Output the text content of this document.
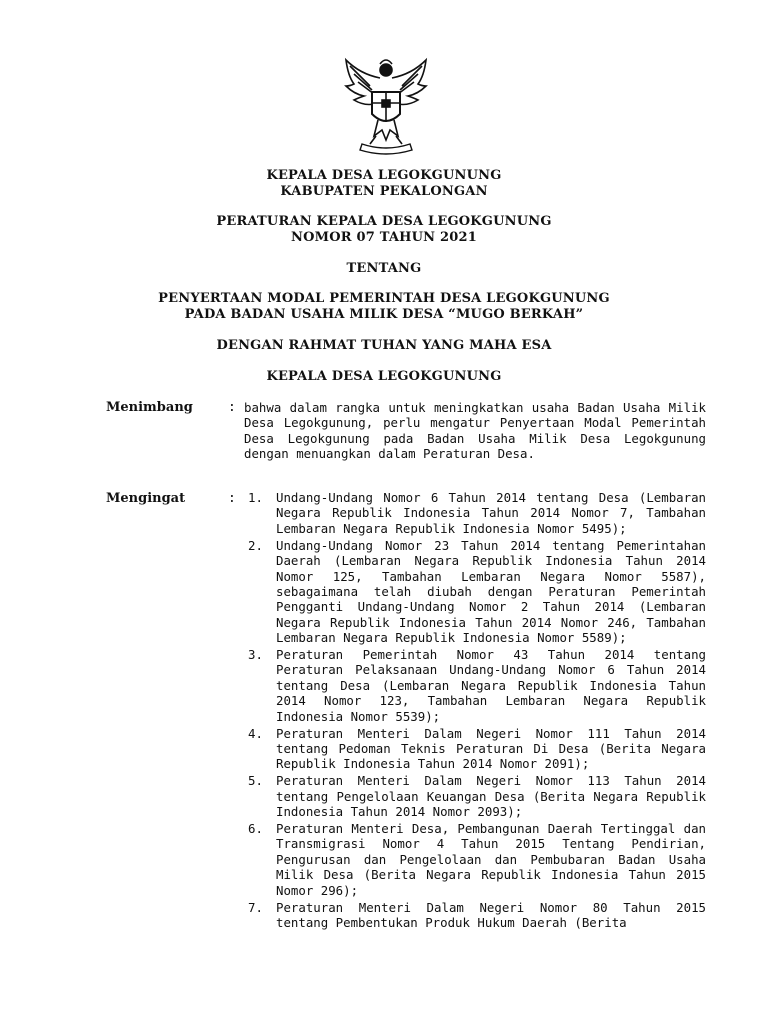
KEPALA DESA LEGOKGUNUNG
KABUPATEN PEKALONGAN
PERATURAN KEPALA DESA LEGOKGUNUNG
NOMOR 07 TAHUN 2021
TENTANG
PENYERTAAN MODAL PEMERINTAH DESA LEGOKGUNUNG
PADA BADAN USAHA MILIK DESA “MUGO BERKAH”
DENGAN RAHMAT TUHAN YANG MAHA ESA
KEPALA DESA LEGOKGUNUNG
Menimbang	: bahwa dalam rangka untuk meningkatkan usaha Badan Usaha Milik Desa Legokgunung, perlu mengatur Penyertaan Modal Pemerintah Desa Legokgunung pada Badan Usaha Milik Desa Legokgunung dengan menuangkan dalam Peraturan Desa.

Mengingat	: 1. Undang-Undang Nomor 6 Tahun 2014 tentang Desa (Lembaran Negara Republik Indonesia Tahun 2014 Nomor 7, Tambahan Lembaran Negara Republik Indonesia Nomor 5495);
2. Undang-Undang Nomor 23 Tahun 2014 tentang Pemerintahan Daerah (Lembaran Negara Republik Indonesia Tahun 2014 Nomor 125, Tambahan Lembaran Negara Nomor 5587), sebagaimana telah diubah dengan Peraturan Pemerintah Pengganti Undang-Undang Nomor 2 Tahun 2014 (Lembaran Negara Republik Indonesia Tahun 2014 Nomor 246, Tambahan Lembaran Negara Republik Indonesia Nomor 5589);
3. Peraturan Pemerintah Nomor 43 Tahun 2014 tentang Peraturan Pelaksanaan Undang-Undang Nomor 6 Tahun 2014 tentang Desa (Lembaran Negara Republik Indonesia Tahun 2014 Nomor 123, Tambahan Lembaran Negara Republik Indonesia Nomor 5539);
4. Peraturan Menteri Dalam Negeri Nomor 111 Tahun 2014 tentang Pedoman Teknis Peraturan Di Desa (Berita Negara Republik Indonesia Tahun 2014 Nomor 2091);
5. Peraturan Menteri Dalam Negeri Nomor 113 Tahun 2014 tentang Pengelolaan Keuangan Desa (Berita Negara Republik Indonesia Tahun 2014 Nomor 2093);
6. Peraturan Menteri Desa, Pembangunan Daerah Tertinggal dan Transmigrasi Nomor 4 Tahun 2015 Tentang Pendirian, Pengurusan dan Pengelolaan dan Pembubaran Badan Usaha Milik Desa (Berita Negara Republik Indonesia Tahun 2015 Nomor 296);
7. Peraturan Menteri Dalam Negeri Nomor 80 Tahun 2015 tentang Pembentukan Produk Hukum Daerah (Berita
